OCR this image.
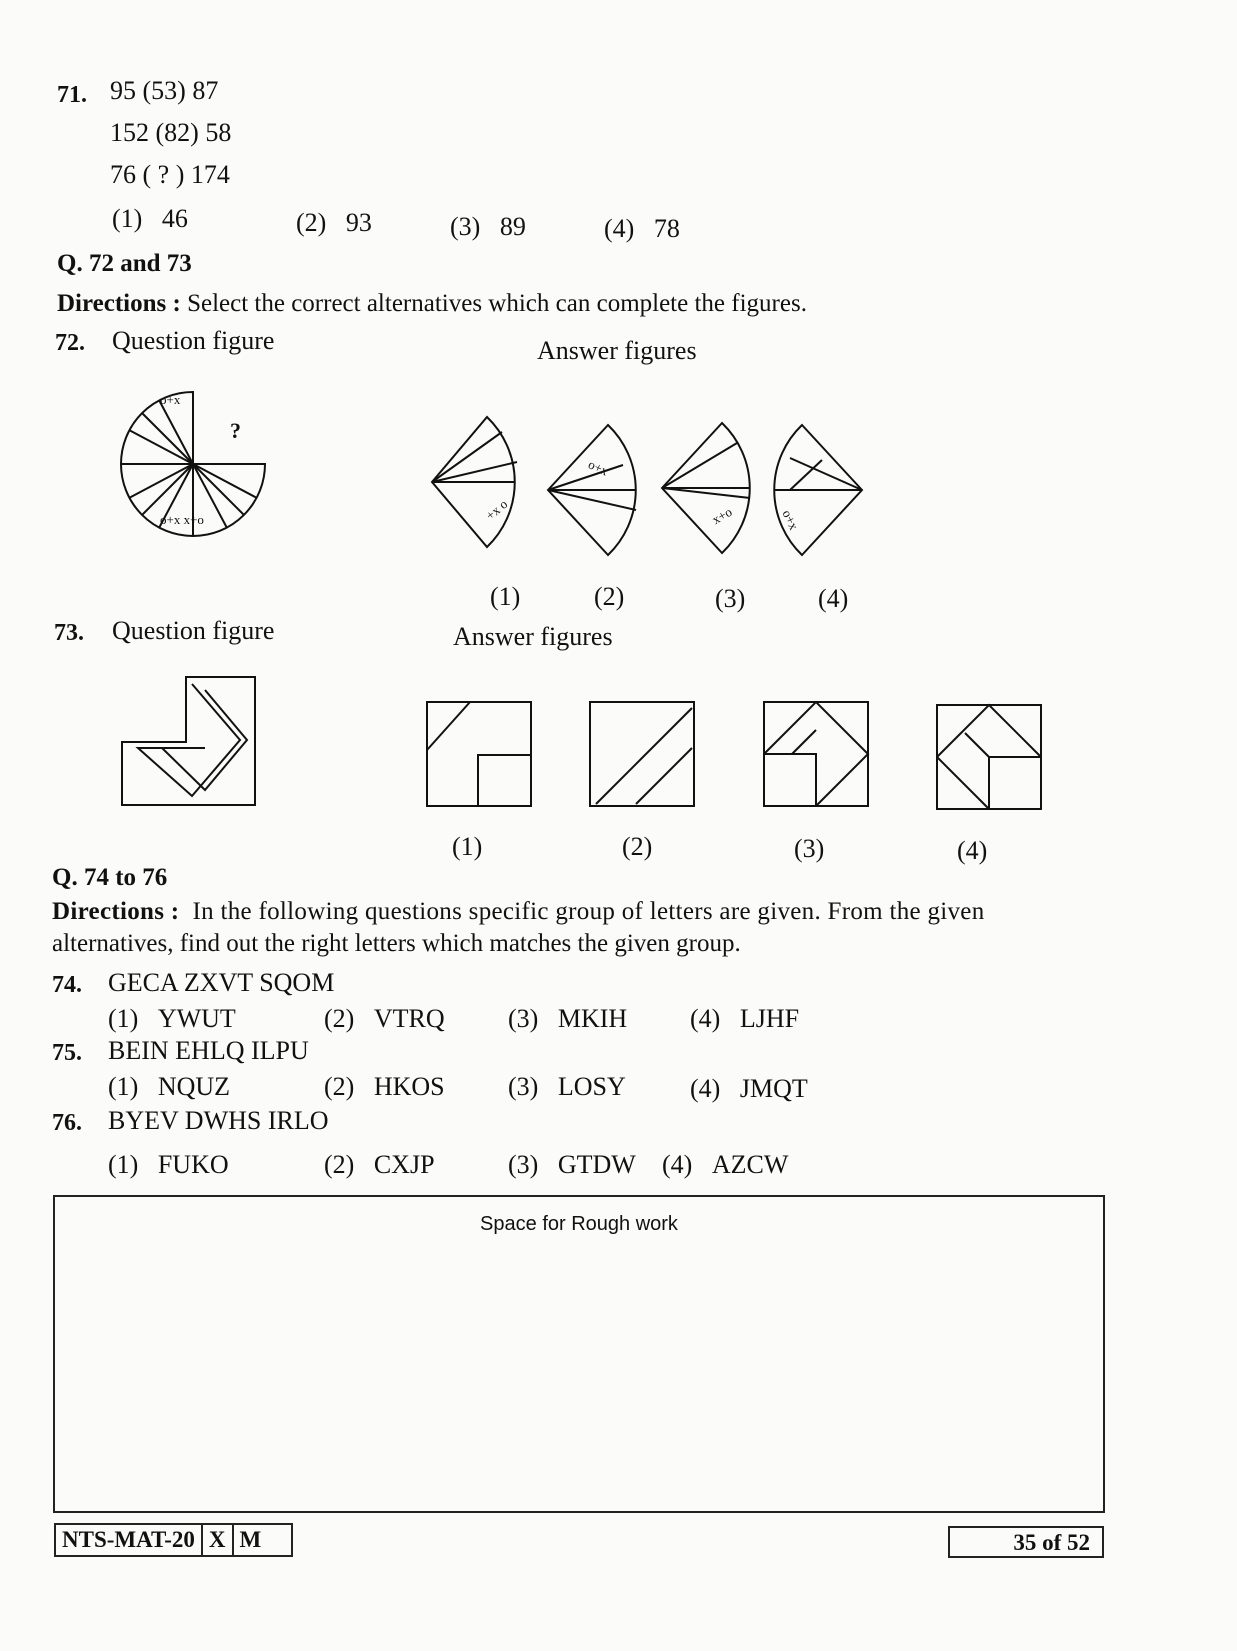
71. 95 (53) 87
152 (82) 58
76 ( ? ) 174
(1) 46	(2) 93	(3) 89	(4) 78
Q. 72 and 73
Directions : Select the correct alternatives which can complete the figures.
72. Question figure	Answer figures
?
o+x
o+x x+o	+x o
o+x
x+o	o+x
(1)	(2)	(3)	(4)
73. Question figure	Answer figures
(1)	(2)	(3)	(4)
Q. 74 to 76
Directions : In the following questions specific group of letters are given. From the given
alternatives, find out the right letters which matches the given group.
74. GECA ZXVT SQOM
(1) YWUT	(2) VTRQ (3) MKIH (4) LJHF
75. BEIN EHLQ ILPU
(1) NQUZ	(2) HKOS (3) LOSY (4) JMQT
76. BYEV DWHS IRLO
(1) FUKO	(2) CXJP	(3) GTDW (4) AZCW
Space for Rough work
NTS-MAT-20 X M	35 of 52
